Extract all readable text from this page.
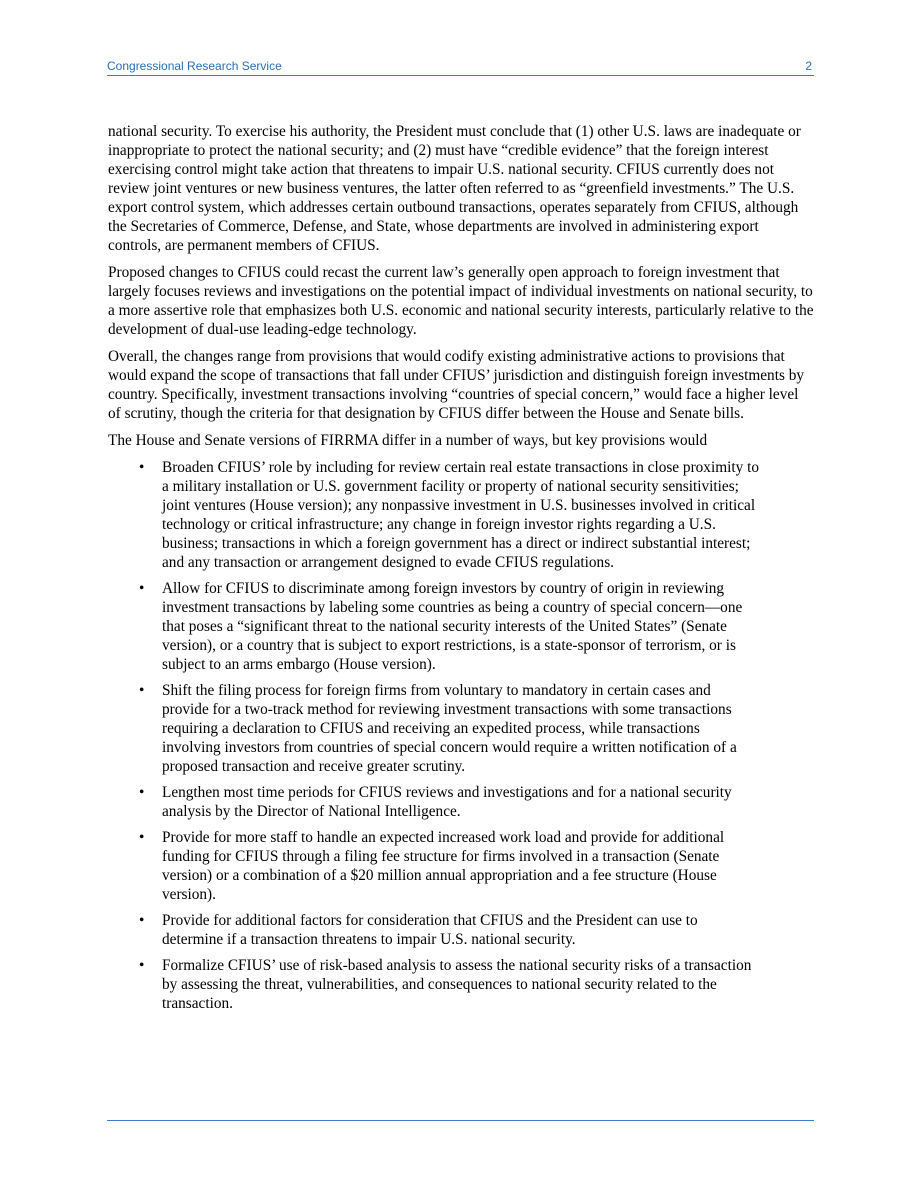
Congressional Research Service	2

national security. To exercise his authority, the President must conclude that (1) other U.S. laws are inadequate or inappropriate to protect the national security; and (2) must have “credible evidence” that the foreign interest exercising control might take action that threatens to impair U.S. national security. CFIUS currently does not review joint ventures or new business ventures, the latter often referred to as “greenfield investments.” The U.S. export control system, which addresses certain outbound transactions, operates separately from CFIUS, although the Secretaries of Commerce, Defense, and State, whose departments are involved in administering export controls, are permanent members of CFIUS.

Proposed changes to CFIUS could recast the current law’s generally open approach to foreign investment that largely focuses reviews and investigations on the potential impact of individual investments on national security, to a more assertive role that emphasizes both U.S. economic and national security interests, particularly relative to the development of dual-use leading-edge technology.

Overall, the changes range from provisions that would codify existing administrative actions to provisions that would expand the scope of transactions that fall under CFIUS’ jurisdiction and distinguish foreign investments by country. Specifically, investment transactions involving “countries of special concern,” would face a higher level of scrutiny, though the criteria for that designation by CFIUS differ between the House and Senate bills.

The House and Senate versions of FIRRMA differ in a number of ways, but key provisions would

• Broaden CFIUS’ role by including for review certain real estate transactions in close proximity to a military installation or U.S. government facility or property of national security sensitivities; joint ventures (House version); any nonpassive investment in U.S. businesses involved in critical technology or critical infrastructure; any change in foreign investor rights regarding a U.S. business; transactions in which a foreign government has a direct or indirect substantial interest; and any transaction or arrangement designed to evade CFIUS regulations.
• Allow for CFIUS to discriminate among foreign investors by country of origin in reviewing investment transactions by labeling some countries as being a country of special concern—one that poses a “significant threat to the national security interests of the United States” (Senate version), or a country that is subject to export restrictions, is a state-sponsor of terrorism, or is subject to an arms embargo (House version).
• Shift the filing process for foreign firms from voluntary to mandatory in certain cases and provide for a two-track method for reviewing investment transactions with some transactions requiring a declaration to CFIUS and receiving an expedited process, while transactions involving investors from countries of special concern would require a written notification of a proposed transaction and receive greater scrutiny.
• Lengthen most time periods for CFIUS reviews and investigations and for a national security analysis by the Director of National Intelligence.
• Provide for more staff to handle an expected increased work load and provide for additional funding for CFIUS through a filing fee structure for firms involved in a transaction (Senate version) or a combination of a $20 million annual appropriation and a fee structure (House version).
• Provide for additional factors for consideration that CFIUS and the President can use to determine if a transaction threatens to impair U.S. national security.
• Formalize CFIUS’ use of risk-based analysis to assess the national security risks of a transaction by assessing the threat, vulnerabilities, and consequences to national security related to the transaction.
